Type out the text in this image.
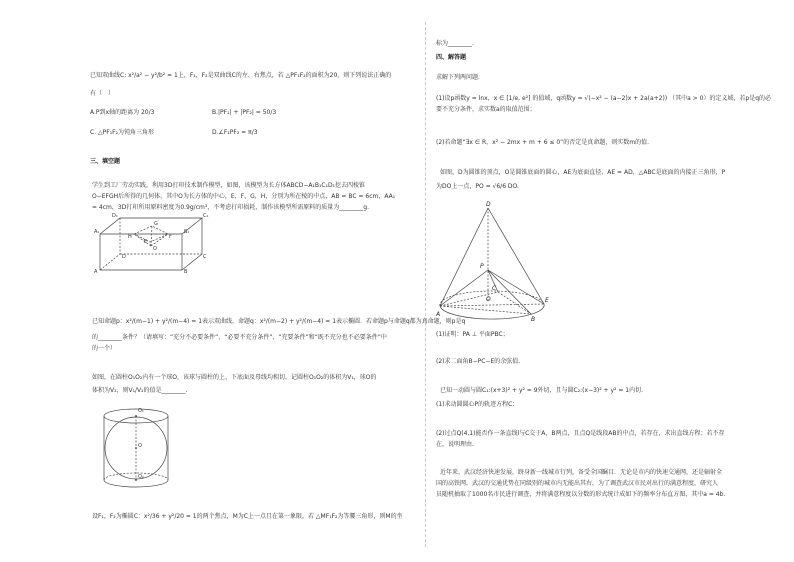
已知双曲线C: x²/a² − y²/b² = 1上，F₁，F₂是双曲线C的左、右焦点，若 △PF₁F₂的面积为20，则下列说法正确的
有（　）
A.P到x轴的距离为 20/3	B.|PF₁| + |PF₂| = 50/3
C. △PF₁F₂为钝角三角形	D.∠F₁PF₂ = π/3
三、填空题
学生到工厂劳动实践，利用3D打印技术制作模型，如图，该模型为长方体ABCD−A₁B₁C₁D₁挖去四棱锥
O−EFGH后所得的几何体，其中O为长方体的中心，E，F，G，H，分别为所在棱的中点，AB = BC = 6cm，AA₁
= 4cm，3D打印所用原料密度为0.9g/cm³，不考虑打印损耗，制作该模型所需原料的质量为________g.
D₁	C₁
A₁	B₁
H
G
O
E
F
D	C
A	B
已知命题p：x²/(m−1) + y²/(m−4) = 1表示双曲线，命题q：x²/(m−2) + y²/(m−4) = 1表示椭圆．若命题p与命题q都为真命题，则p是q
的________条件？（请填写：“充分不必要条件”、“必要不充分条件”、“充要条件”和“既不充分也不必要条件”中
的一个）
如图，在圆柱O₁O₂内有一个球O，该球与圆柱的上、下底面及母线均相切，记圆柱O₁O₂的体积为V₁，球O的
体积为V₂，则V₁/V₂的值是________.
O₁
O
O₂
设F₁，F₂为椭圆C：x²/36 + y²/20 = 1的两个焦点，M为C上一点且在第一象限，若 △MF₁F₂为等腰三角形，则M的坐
标为________.
四、解答题
求解下列两问题.
(1)设p函数y = lnx，x ∈ [1/e, e²] 的值域，q函数y = √(−x² − (a−2)x + 2a(a+2)) （其中a > 0）的定义域，若p是q的必
要不充分条件，求实数a的取值范围；
(2)若命题“∃x ∈ R，x² − 2mx + m + 6 ≤ 0”的否定是真命题，则实数m的值.
如图，D为圆锥的顶点，O是圆锥底面的圆心，AE为底面直径，AE = AD，△ABC是底面的内接正三角形，P
为DO上一点，PO = √6/6 DO.
D
P
C
O
A
E
B
(1)证明：PA ⊥ 平面PBC；
(2)求二面角B−PC−E的余弦值.
已知一动圆与圆C₁:(x+3)² + y² = 9外切，且与圆C₂:(x−3)² + y² = 1内切.
(1)求动圆圆心P的轨迹方程C；
(2)过点Q(4,1)能否作一条直线l与C交于A，B两点，且点Q是线段AB的中点，若存在，求出直线方程；若不存
在，说明理由.
近年来，武汉经济快速发展，跻身新一线城市行列，备受全国瞩目．无论是市内的快速交通网，还是辐射全
国的高铁网，武汉的交通优势在同级别的城市内无能出其右，为了调查武汉市民对出行的满意程度，研究人
员随机抽取了1000名市民进行调查，并将满意程度以分数的形式统计成如下的频率分布直方图，其中a = 4b.
